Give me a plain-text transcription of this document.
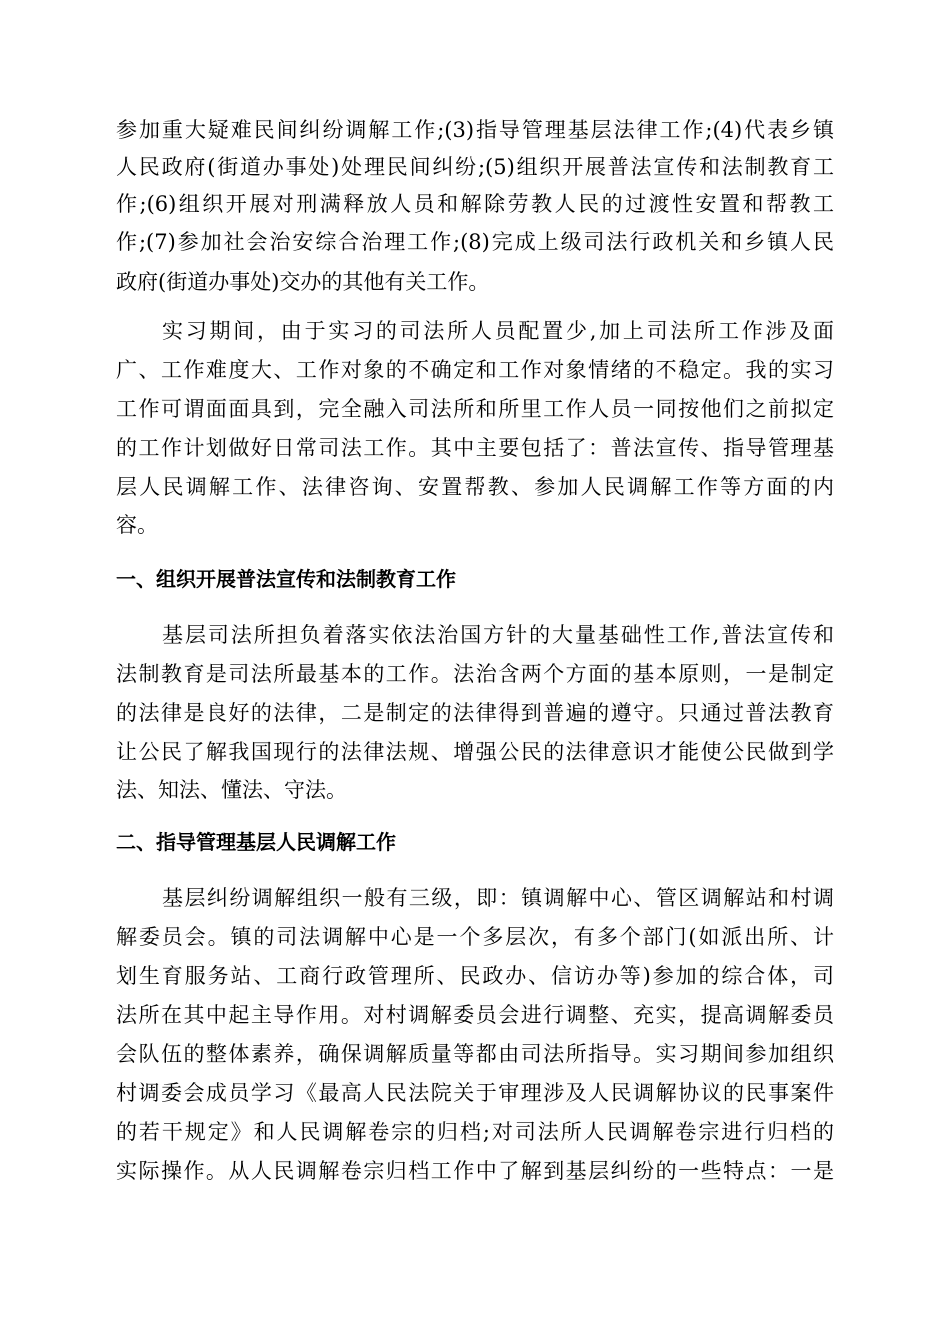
参加重大疑难民间纠纷调解工作;(3)指导管理基层法律工作;(4)代表乡镇
人民政府(街道办事处)处理民间纠纷;(5)组织开展普法宣传和法制教育工
作;(6)组织开展对刑满释放人员和解除劳教人民的过渡性安置和帮教工
作;(7)参加社会治安综合治理工作;(8)完成上级司法行政机关和乡镇人民
政府(街道办事处)交办的其他有关工作。
实习期间，由于实习的司法所人员配置少,加上司法所工作涉及面
广、工作难度大、工作对象的不确定和工作对象情绪的不稳定。我的实习
工作可谓面面具到，完全融入司法所和所里工作人员一同按他们之前拟定
的工作计划做好日常司法工作。其中主要包括了：普法宣传、指导管理基
层人民调解工作、法律咨询、安置帮教、参加人民调解工作等方面的内
容。
一、组织开展普法宣传和法制教育工作
基层司法所担负着落实依法治国方针的大量基础性工作,普法宣传和
法制教育是司法所最基本的工作。法治含两个方面的基本原则，一是制定
的法律是良好的法律，二是制定的法律得到普遍的遵守。只通过普法教育
让公民了解我国现行的法律法规、增强公民的法律意识才能使公民做到学
法、知法、懂法、守法。
二、指导管理基层人民调解工作
基层纠纷调解组织一般有三级，即：镇调解中心、管区调解站和村调
解委员会。镇的司法调解中心是一个多层次，有多个部门(如派出所、计
划生育服务站、工商行政管理所、民政办、信访办等)参加的综合体，司
法所在其中起主导作用。对村调解委员会进行调整、充实，提高调解委员
会队伍的整体素养，确保调解质量等都由司法所指导。实习期间参加组织
村调委会成员学习《最高人民法院关于审理涉及人民调解协议的民事案件
的若干规定》和人民调解卷宗的归档;对司法所人民调解卷宗进行归档的
实际操作。从人民调解卷宗归档工作中了解到基层纠纷的一些特点：一是
